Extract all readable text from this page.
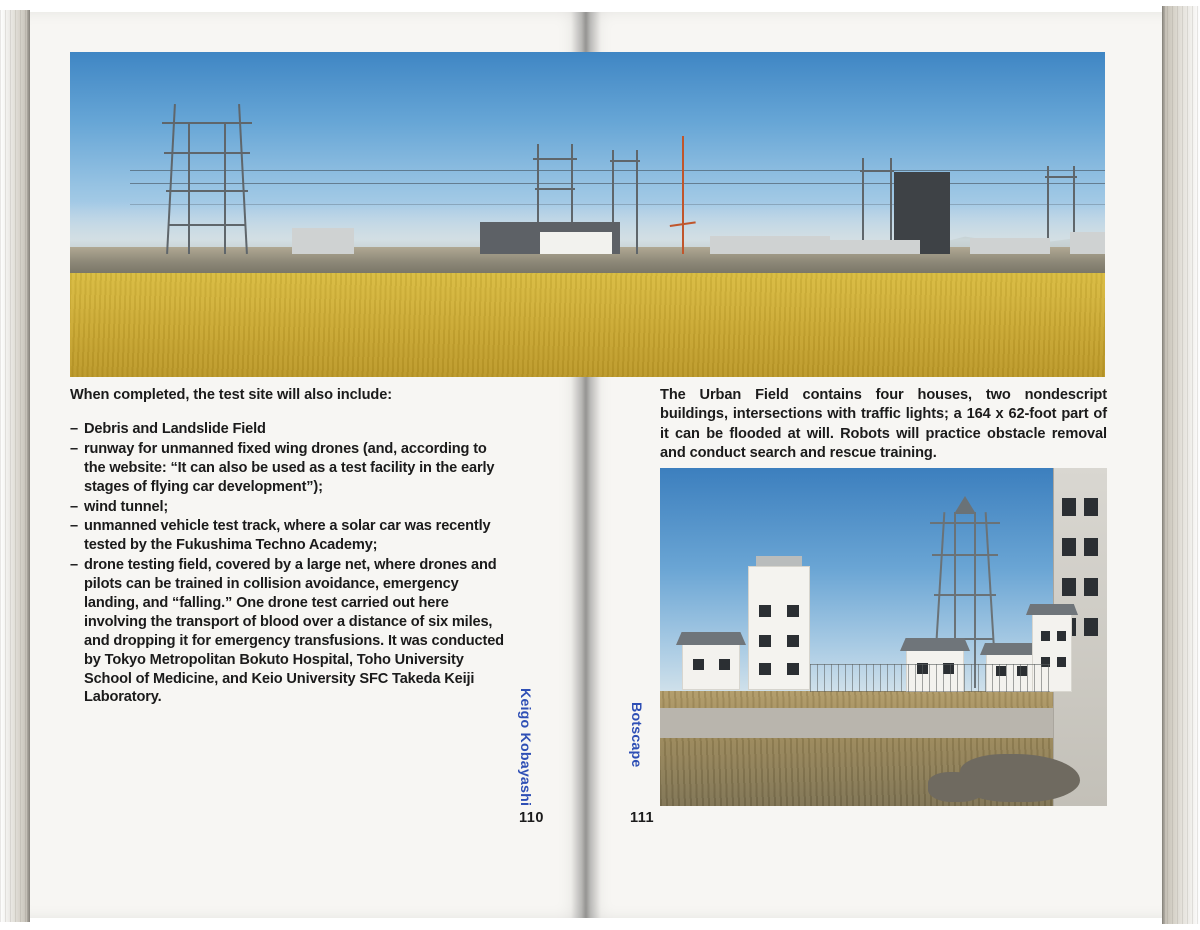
When completed, the test site will also include:

– Debris and Landslide Field
– runway for unmanned fixed wing drones (and, according to the website: “It can also be used as a test facility in the early stages of flying car development”);
– wind tunnel;
– unmanned vehicle test track, where a solar car was recently tested by the Fukushima Techno Academy;
– drone testing field, covered by a large net, where drones and pilots can be trained in collision avoidance, emergency landing, and “falling.” One drone test carried out here involving the transport of blood over a distance of six miles, and dropping it for emergency transfusions. It was conducted by Tokyo Metropolitan Bokuto Hospital, Toho University School of Medicine, and Keio University SFC Takeda Keiji Laboratory.

The Urban Field contains four houses, two nondescript buildings, intersections with traffic lights; a 164 x 62-foot part of it can be flooded at will. Robots will practice obstacle removal and conduct search and rescue training.

110	111
Keigo Kobayashi	Botscape
